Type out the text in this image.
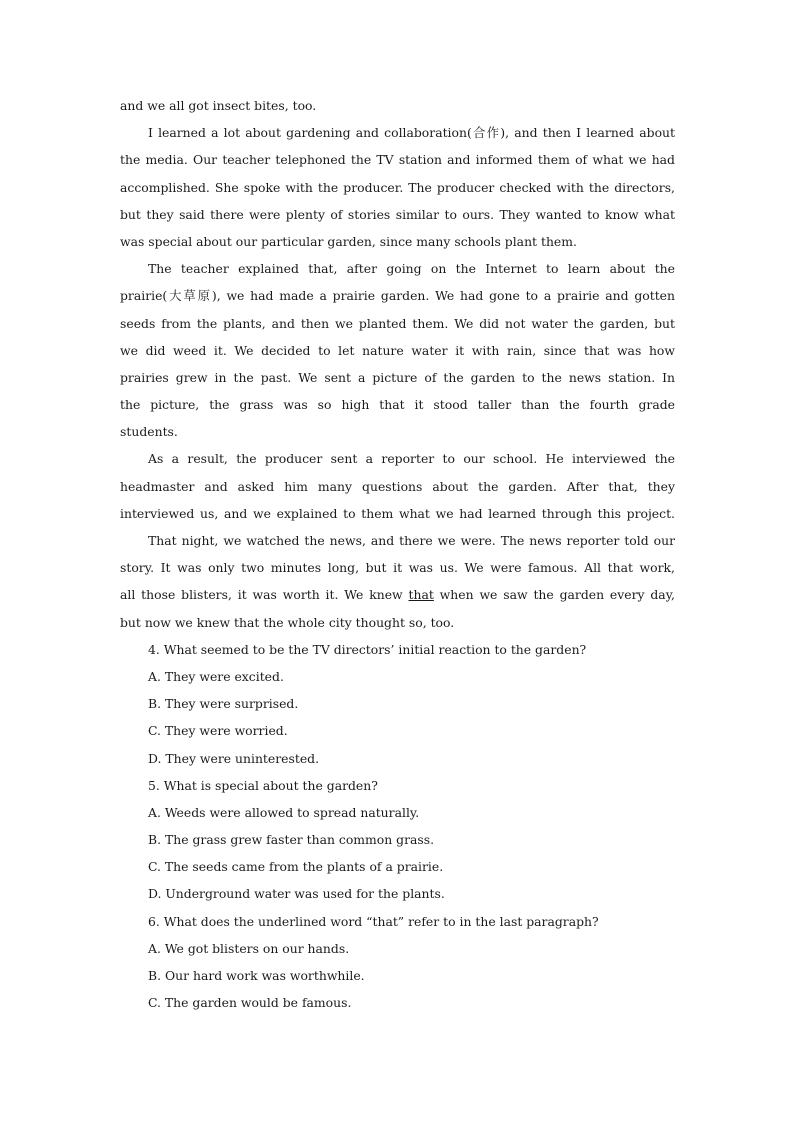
and we all got insect bites, too.
I learned a lot about gardening and collaboration(合作), and then I learned about
the media. Our teacher telephoned the TV station and informed them of what we had
accomplished. She spoke with the producer. The producer checked with the directors,
but they said there were plenty of stories similar to ours. They wanted to know what
was special about our particular garden, since many schools plant them.
The teacher explained that, after going on the Internet to learn about the
prairie(大草原), we had made a prairie garden. We had gone to a prairie and gotten
seeds from the plants, and then we planted them. We did not water the garden, but
we did weed it. We decided to let nature water it with rain, since that was how
prairies grew in the past. We sent a picture of the garden to the news station. In
the picture, the grass was so high that it stood taller than the fourth grade
students.
As a result, the producer sent a reporter to our school. He interviewed the
headmaster and asked him many questions about the garden. After that, they
interviewed us, and we explained to them what we had learned through this project.
That night, we watched the news, and there we were. The news reporter told our
story. It was only two minutes long, but it was us. We were famous. All that work,
all those blisters, it was worth it. We knew that when we saw the garden every day,
but now we knew that the whole city thought so, too.
4. What seemed to be the TV directors’ initial reaction to the garden?
A. They were excited.
B. They were surprised.
C. They were worried.
D. They were uninterested.
5. What is special about the garden?
A. Weeds were allowed to spread naturally.
B. The grass grew faster than common grass.
C. The seeds came from the plants of a prairie.
D. Underground water was used for the plants.
6. What does the underlined word “that” refer to in the last paragraph?
A. We got blisters on our hands.
B. Our hard work was worthwhile.
C. The garden would be famous.
